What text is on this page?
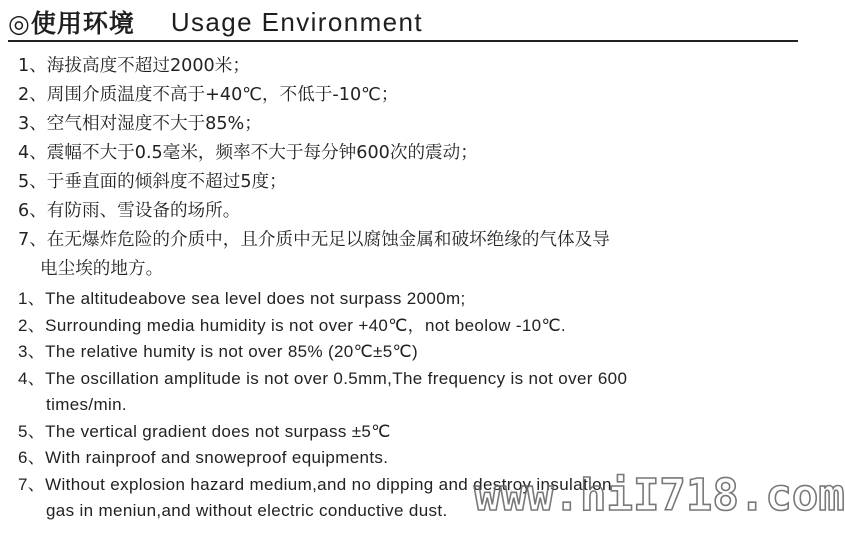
◎使用环境 Usage Environment
1、海拔高度不超过2000米；
2、周围介质温度不高于+40℃，不低于-10℃；
3、空气相对湿度不大于85%；
4、震幅不大于0.5毫米，频率不大于每分钟600次的震动；
5、于垂直面的倾斜度不超过5度；
6、有防雨、雪设备的场所。
7、在无爆炸危险的介质中，且介质中无足以腐蚀金属和破坏绝缘的气体及导
电尘埃的地方。
1、The altitudeabove sea level does not surpass 2000m;
2、Surrounding media humidity is not over +40℃，not beolow -10℃.
3、The relative humity is not over 85% (20℃±5℃)
4、The oscillation amplitude is not over 0.5mm,The frequency is not over 600
times/min.
5、The vertical gradient does not surpass ±5℃
6、With rainproof and snoweproof equipments.
7、Without explosion hazard medium,and no dipping and destroy insulation
gas in meniun,and without electric conductive dust. www.hiI718.com
